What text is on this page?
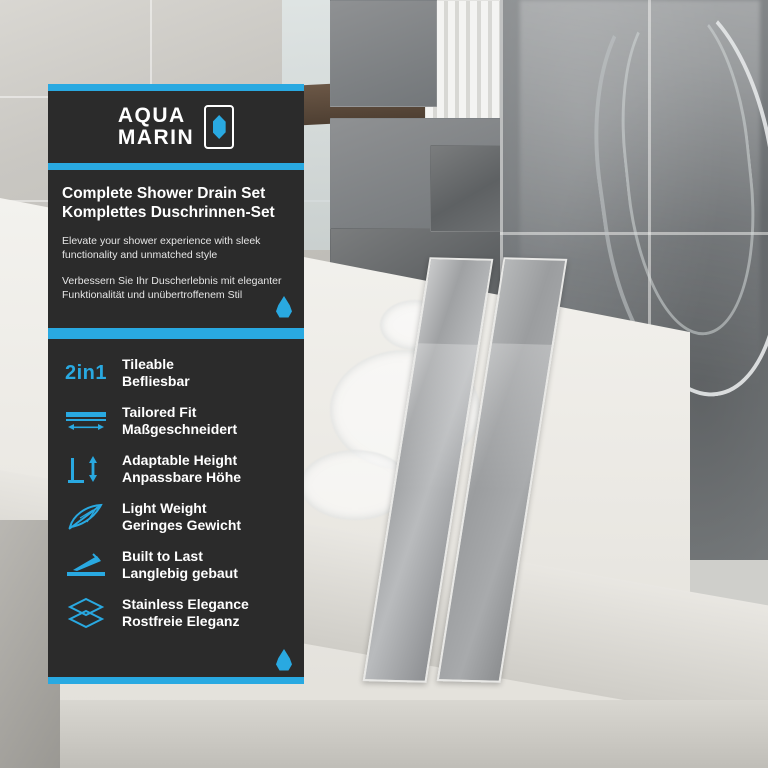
AQUA
MARIN
Complete Shower Drain Set
Komplettes Duschrinnen-Set
Elevate your shower experience with sleek functionality and unmatched style
Verbessern Sie Ihr Duscherlebnis mit eleganter Funktionalität und unübertroffenem Stil
2in1 Tileable
Befliesbar
Tailored Fit
Maßgeschneidert
Adaptable Height
Anpassbare Höhe
Light Weight
Geringes Gewicht
Built to Last
Langlebig gebaut
Stainless Elegance
Rostfreie Eleganz
